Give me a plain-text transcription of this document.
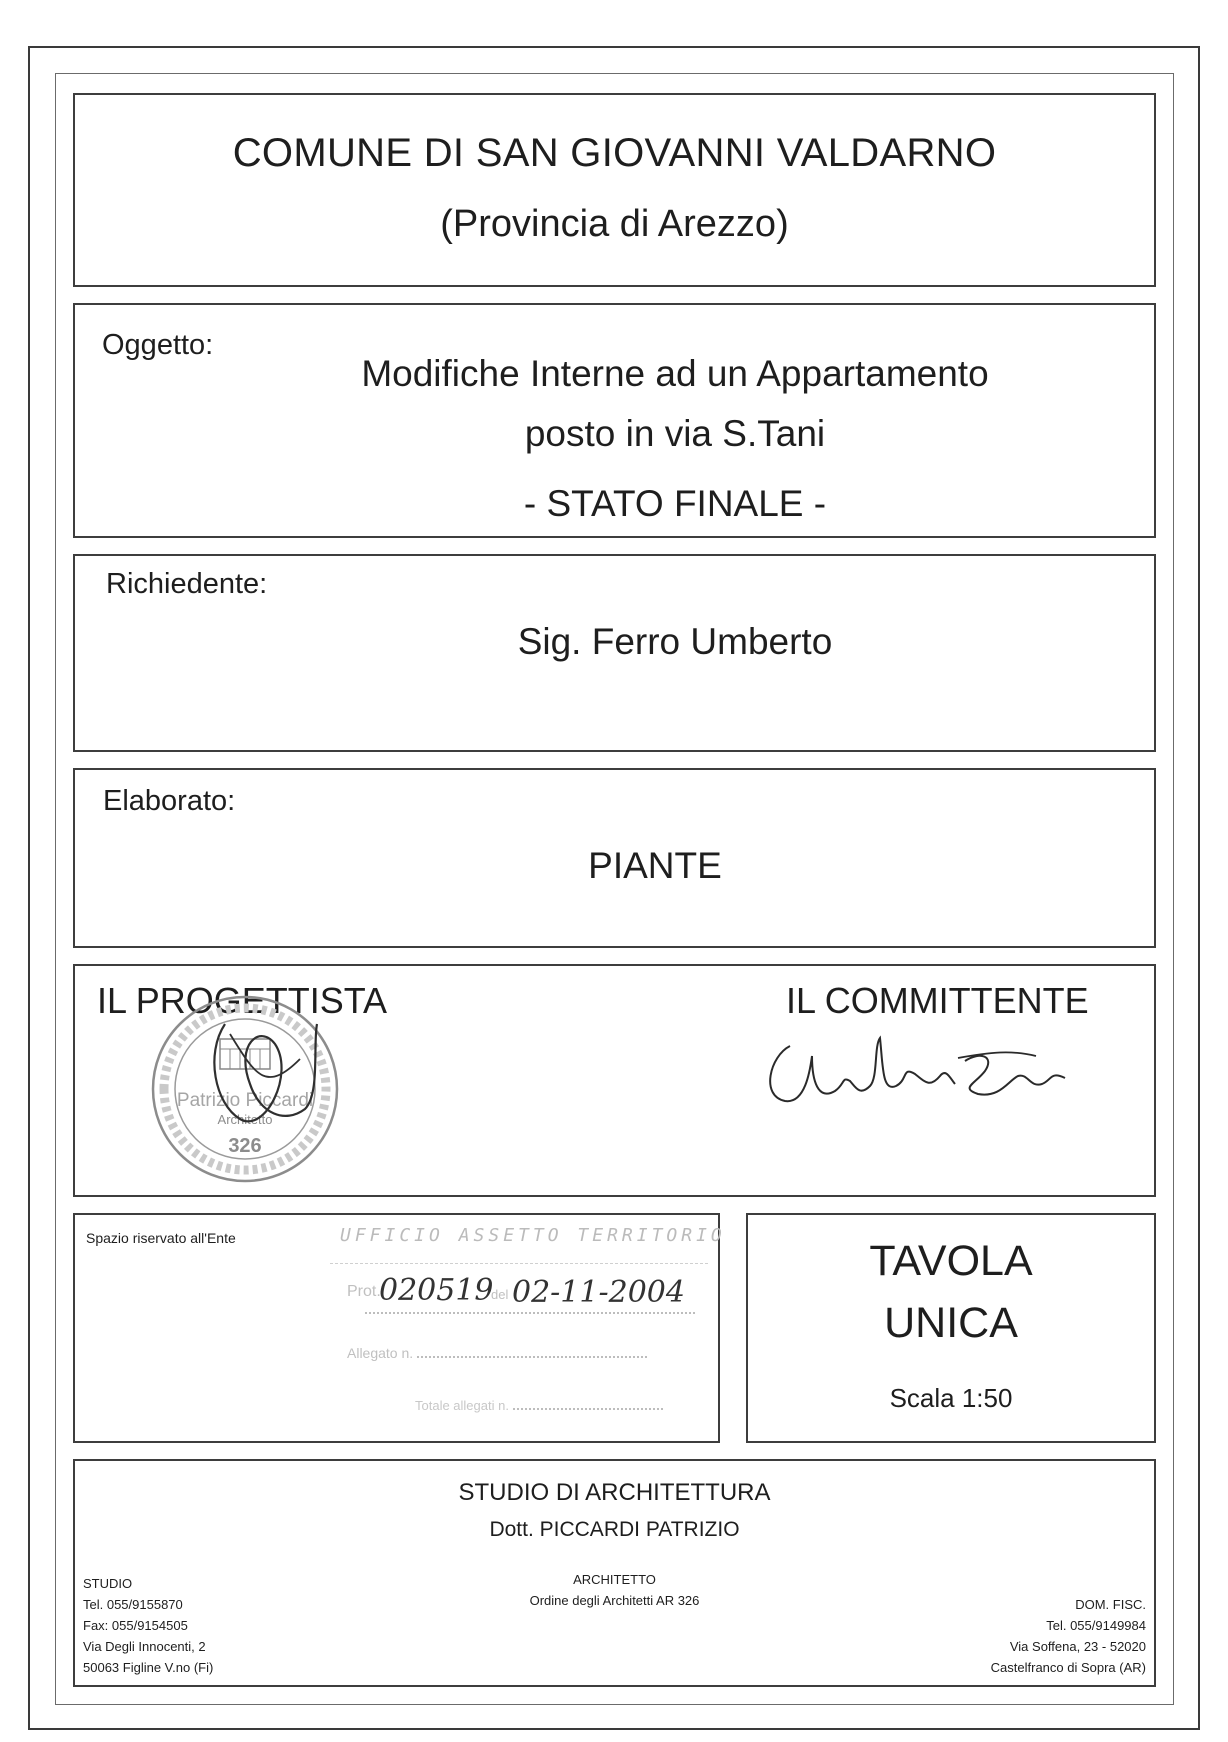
COMUNE DI SAN GIOVANNI VALDARNO
(Provincia di Arezzo)
Oggetto:
Modifiche Interne ad un Appartamento
posto in via S.Tani
- STATO FINALE -
Richiedente:
Sig. Ferro Umberto
Elaborato:
PIANTE
IL PROGETTISTA	IL COMMITTENTE
Patrizio Piccardi
Architetto
326
Spazio riservato all'Ente	UFFICIO ASSETTO TERRITORIO
Prot.
020519
del 02-11-2004
Allegato n.
Totale allegati n.
TAVOLA
UNICA
Scala 1:50
STUDIO DI ARCHITETTURA
Dott. PICCARDI PATRIZIO
ARCHITETTO
Ordine degli Architetti AR 326
STUDIO
Tel. 055/9155870
Fax: 055/9154505
Via Degli Innocenti, 2
50063 Figline V.no (Fi)
DOM. FISC.
Tel. 055/9149984
Via Soffena, 23 - 52020
Castelfranco di Sopra (AR)
